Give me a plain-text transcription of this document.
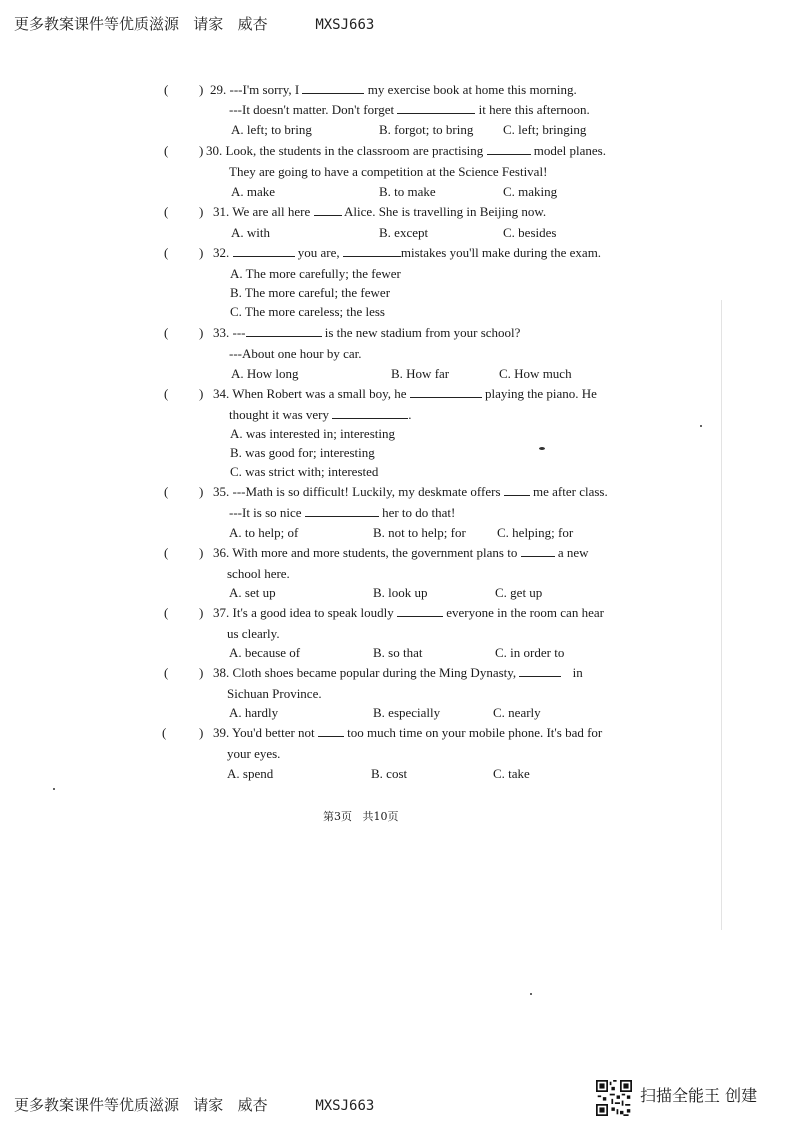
更多教案课件等优质滋源   请家   威杏	MXSJ663
( ) 29. ---I'm sorry, I	my exercise book at home this morning.
---It doesn't matter. Don't forget	it here this afternoon.
A. left; to bring	B. forgot; to bring C. left; bringing
( ) 30. Look, the students in the classroom are practising	model planes.
They are going to have a competition at the Science Festival!
A. make	B. to make	C. making
( ) 31. We are all here	Alice. She is travelling in Beijing now.
A. with	B. except	C. besides
( ) 32.	you are,	mistakes you'll make during the exam.
A. The more carefully; the fewer
B. The more careful; the fewer
C. The more careless; the less
( ) 33. ---	is the new stadium from your school?
---About one hour by car.
A. How long	B. How far	C. How much
( ) 34. When Robert was a small boy, he	playing the piano. He
thought it was very	.
A. was interested in; interesting
B. was good for; interesting
C. was strict with; interested
( ) 35. ---Math is so difficult! Luckily, my deskmate offers	me after class.
---It is so nice	her to do that!
A. to help; of	B. not to help; for C. helping; for
( ) 36. With more and more students, the government plans to	a new
school here.
A. set up	B. look up	C. get up
( ) 37. It's a good idea to speak loudly	everyone in the room can hear
us clearly.
A. because of	B. so that	C. in order to
( ) 38. Cloth shoes became popular during the Ming Dynasty,	in
Sichuan Province.
A. hardly	B. especially	C. nearly
(	) 39. You'd better not	too much time on your mobile phone. It's bad for
your eyes.
A. spend	B. cost	C. take
第3页   共10页
更多教案课件等优质滋源   请家   威杏	MXSJ663
扫描全能王 创建
